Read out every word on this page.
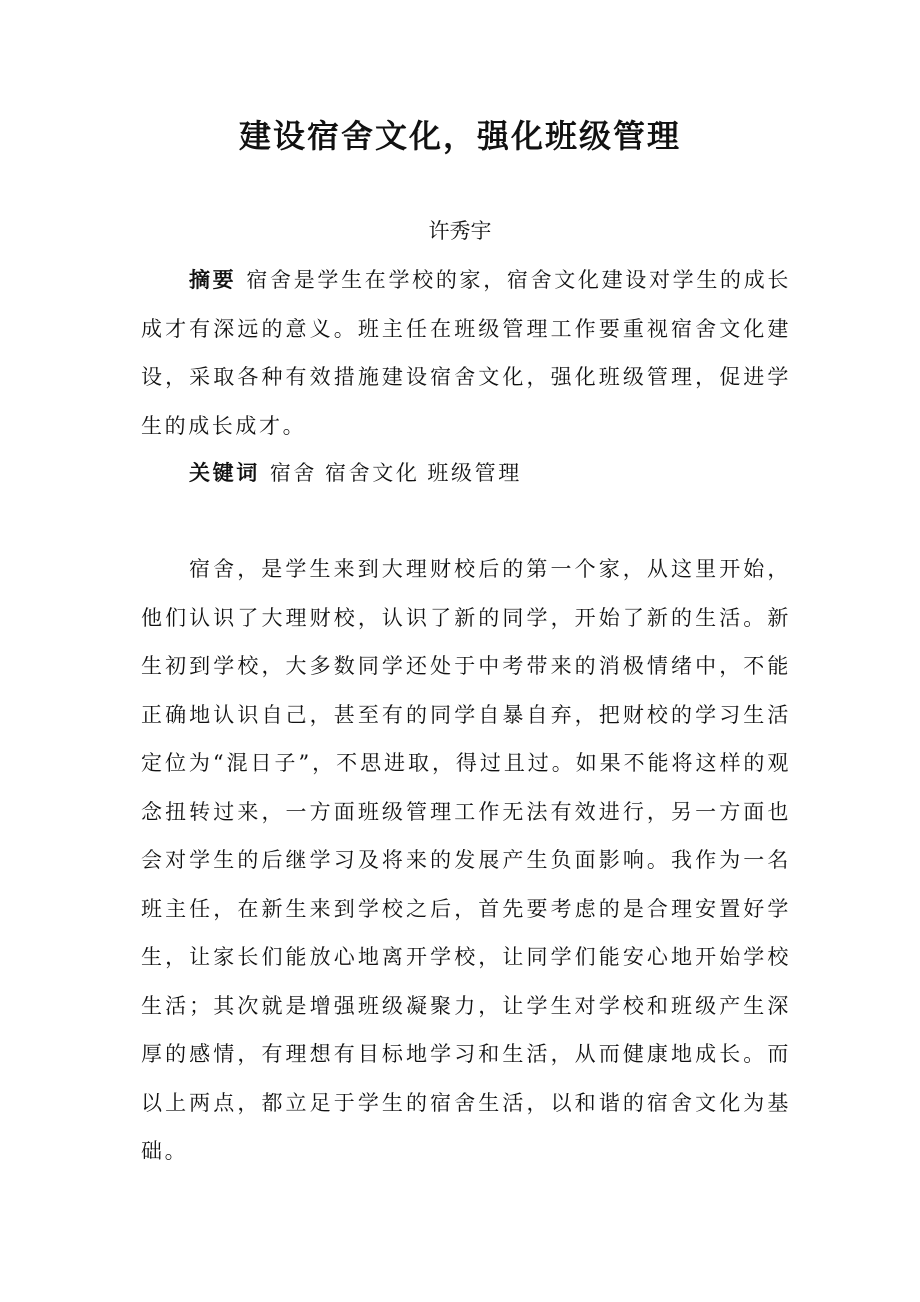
建设宿舍文化，强化班级管理
许秀宇
摘要 宿舍是学生在学校的家，宿舍文化建设对学生的成长成才有深远的意义。班主任在班级管理工作要重视宿舍文化建设，采取各种有效措施建设宿舍文化，强化班级管理，促进学生的成长成才。
关键词 宿舍 宿舍文化 班级管理
宿舍，是学生来到大理财校后的第一个家，从这里开始，他们认识了大理财校，认识了新的同学，开始了新的生活。新生初到学校，大多数同学还处于中考带来的消极情绪中，不能正确地认识自己，甚至有的同学自暴自弃，把财校的学习生活定位为“混日子”，不思进取，得过且过。如果不能将这样的观念扭转过来，一方面班级管理工作无法有效进行，另一方面也会对学生的后继学习及将来的发展产生负面影响。我作为一名班主任，在新生来到学校之后，首先要考虑的是合理安置好学生，让家长们能放心地离开学校，让同学们能安心地开始学校生活；其次就是增强班级凝聚力，让学生对学校和班级产生深厚的感情，有理想有目标地学习和生活，从而健康地成长。而以上两点，都立足于学生的宿舍生活，以和谐的宿舍文化为基础。
